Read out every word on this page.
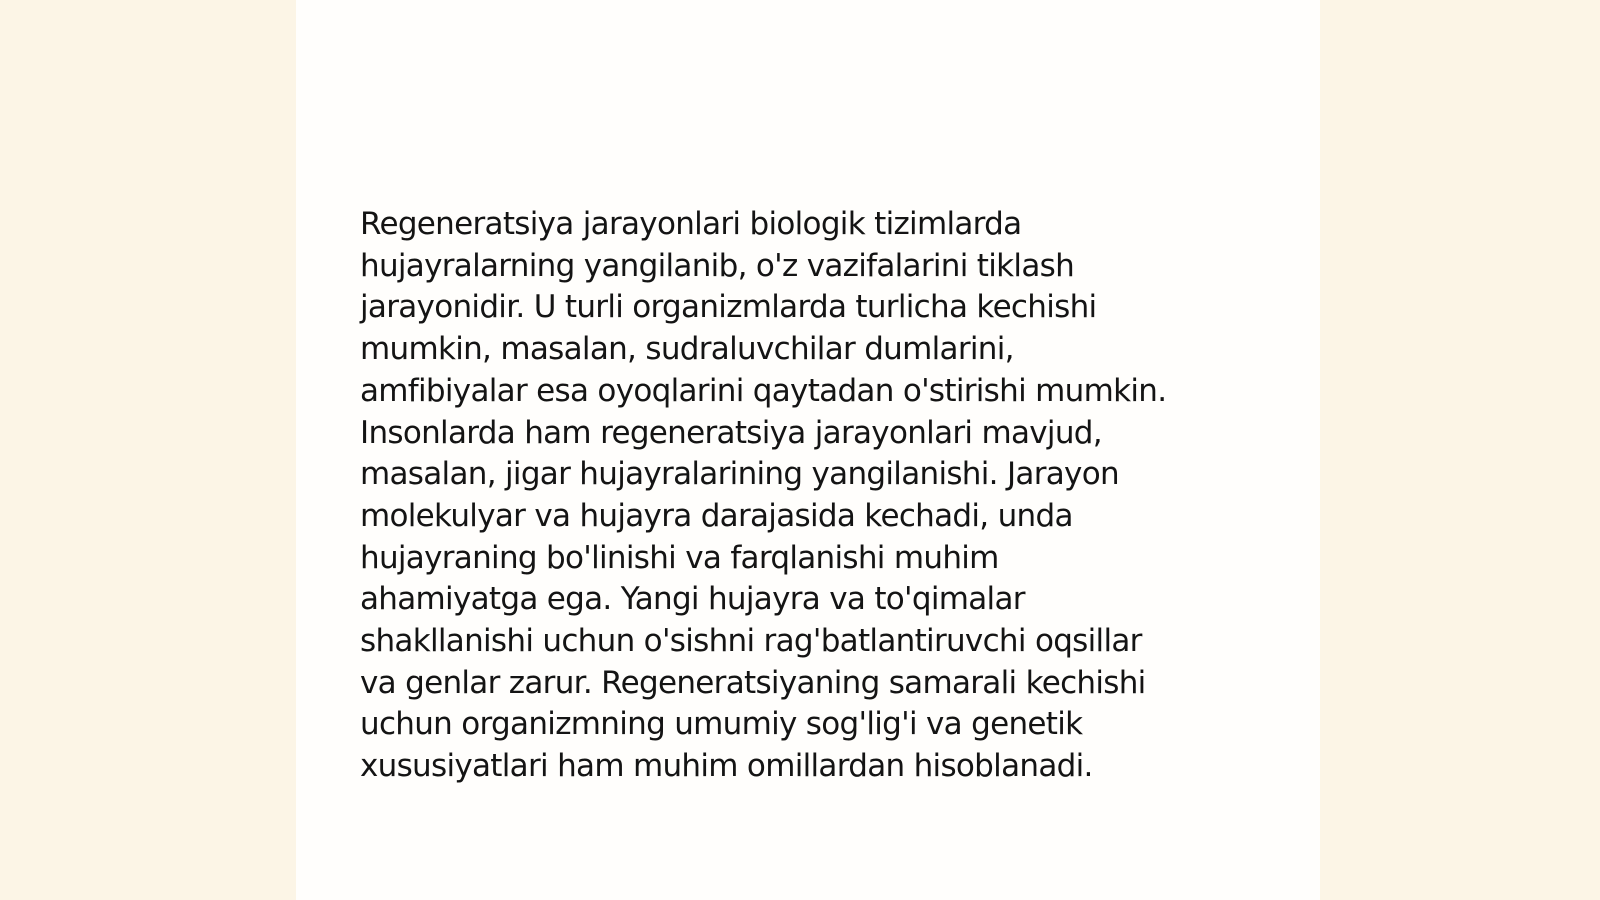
Regeneratsiya jarayonlari biologik tizimlarda
hujayralarning yangilanib, o'z vazifalarini tiklash
jarayonidir. U turli organizmlarda turlicha kechishi
mumkin, masalan, sudraluvchilar dumlarini,
amfibiyalar esa oyoqlarini qaytadan o'stirishi mumkin.
Insonlarda ham regeneratsiya jarayonlari mavjud,
masalan, jigar hujayralarining yangilanishi. Jarayon
molekulyar va hujayra darajasida kechadi, unda
hujayraning bo'linishi va farqlanishi muhim
ahamiyatga ega. Yangi hujayra va to'qimalar
shakllanishi uchun o'sishni rag'batlantiruvchi oqsillar
va genlar zarur. Regeneratsiyaning samarali kechishi
uchun organizmning umumiy sog'lig'i va genetik
xususiyatlari ham muhim omillardan hisoblanadi.
